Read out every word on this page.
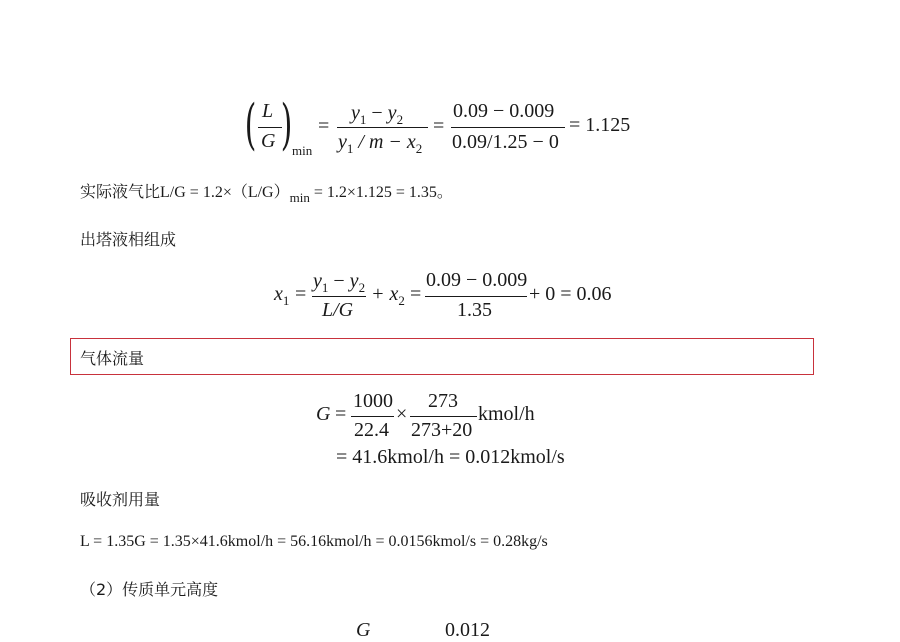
( L
G ) min
=
$y_1 - y_2$
$y_1 / m - x_2$
=
0.09 − 0.009
0.09/1.25 − 0
= 1.125
实际液气比$L/G = 1.2\times(L/G)_{min} = 1.2\times 1.125 = 1.35$。
出塔液相组成
$x_1$ =
$y_1 - y_2$
L/G
+ $x_2$ =
0.09 − 0.009
1.35
+ 0 = 0.06
气体流量
G =
1000
22.4
×
273
273+20
kmol/h
= 41.6kmol/h = 0.012kmol/s
吸收剂用量
L = 1.35G = 1.35×41.6kmol/h = 56.16kmol/h = 0.0156kmol/s = 0.28kg/s
（2）传质单元高度
G	0.012
